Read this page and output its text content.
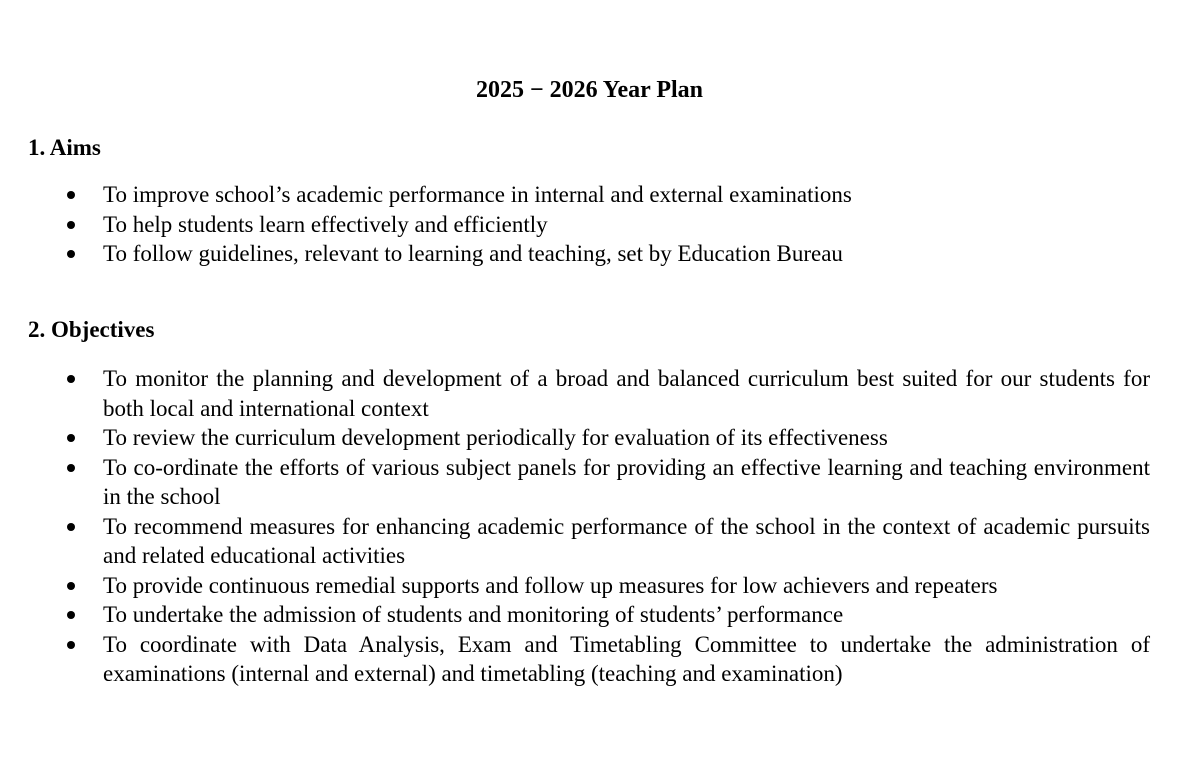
2025 − 2026 Year Plan
1. Aims
To improve school’s academic performance in internal and external examinations
To help students learn effectively and efficiently
To follow guidelines, relevant to learning and teaching, set by Education Bureau
2. Objectives
To monitor the planning and development of a broad and balanced curriculum best suited for our students for both local and international context
To review the curriculum development periodically for evaluation of its effectiveness
To co-ordinate the efforts of various subject panels for providing an effective learning and teaching environment in the school
To recommend measures for enhancing academic performance of the school in the context of academic pursuits and related educational activities
To provide continuous remedial supports and follow up measures for low achievers and repeaters
To undertake the admission of students and monitoring of students’ performance
To coordinate with Data Analysis, Exam and Timetabling Committee to undertake the administration of examinations (internal and external) and timetabling (teaching and examination)
